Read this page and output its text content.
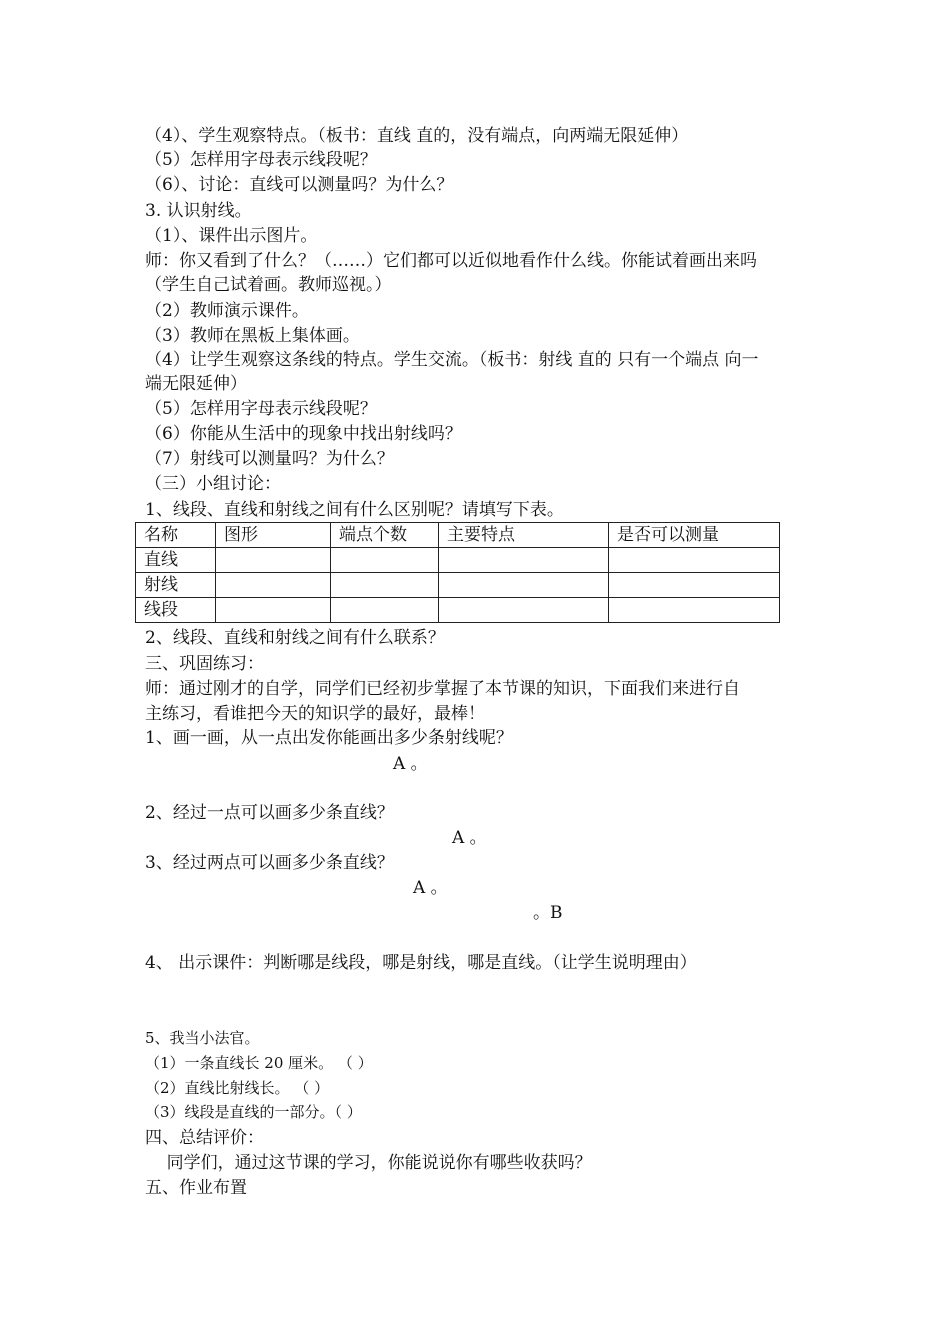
（4）、学生观察特点。（板书：直线 直的，没有端点，向两端无限延伸）
（5）怎样用字母表示线段呢？
（6）、讨论：直线可以测量吗？为什么？
3. 认识射线。
（1）、课件出示图片。
师：你又看到了什么？（……）它们都可以近似地看作什么线。你能试着画出来吗
（学生自己试着画。教师巡视。）
（2）教师演示课件。
（3）教师在黑板上集体画。
（4）让学生观察这条线的特点。学生交流。（板书：射线 直的 只有一个端点 向一
端无限延伸）
（5）怎样用字母表示线段呢？
（6）你能从生活中的现象中找出射线吗？
（7）射线可以测量吗？为什么？
（三）小组讨论：
1、线段、直线和射线之间有什么区别呢？请填写下表。
名称	图形	端点个数	主要特点	是否可以测量
直线				
射线				
线段				
2、线段、直线和射线之间有什么联系？
三、巩固练习：
师：通过刚才的自学，同学们已经初步掌握了本节课的知识，下面我们来进行自
主练习，看谁把今天的知识学的最好，最棒！
1、画一画，从一点出发你能画出多少条射线呢？
A 。
2、经过一点可以画多少条直线？
A 。
3、经过两点可以画多少条直线？
A 。
。B
4、 出示课件：判断哪是线段，哪是射线，哪是直线。（让学生说明理由）
5、我当小法官。
（1）一条直线长 20 厘米。 （ ）
（2）直线比射线长。 （ ）
（3）线段是直线的一部分。（ ）
四、总结评价：
同学们，通过这节课的学习，你能说说你有哪些收获吗？
五、作业布置
